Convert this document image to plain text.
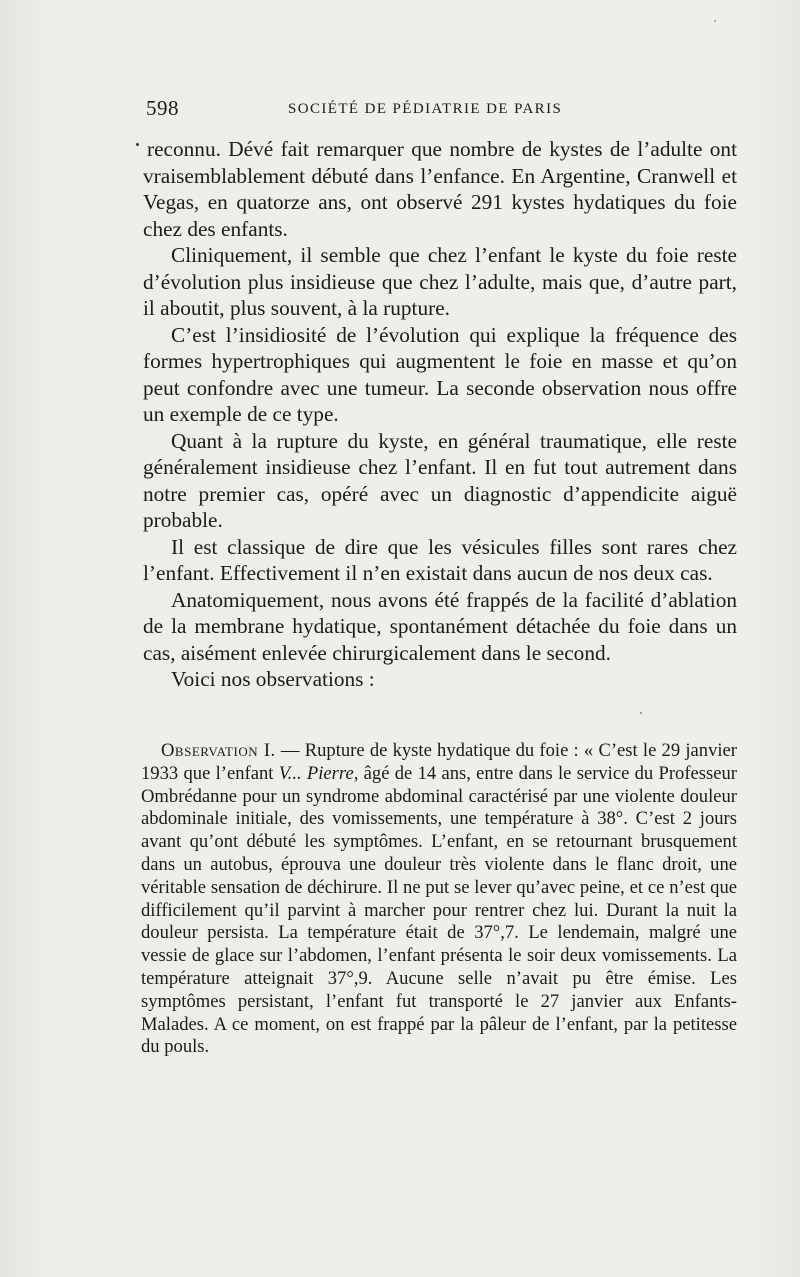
598	SOCIÉTÉ DE PÉDIATRIE DE PARIS

reconnu. Dévé fait remarquer que nombre de kystes de l’adulte ont vraisemblablement débuté dans l’enfance. En Argentine, Cranwell et Vegas, en quatorze ans, ont observé 291 kystes hydatiques du foie chez des enfants.

Cliniquement, il semble que chez l’enfant le kyste du foie reste d’évolution plus insidieuse que chez l’adulte, mais que, d’autre part, il aboutit, plus souvent, à la rupture.

C’est l’insidiosité de l’évolution qui explique la fréquence des formes hypertrophiques qui augmentent le foie en masse et qu’on peut confondre avec une tumeur. La seconde observation nous offre un exemple de ce type.

Quant à la rupture du kyste, en général traumatique, elle reste généralement insidieuse chez l’enfant. Il en fut tout autrement dans notre premier cas, opéré avec un diagnostic d’appendicite aiguë probable.

Il est classique de dire que les vésicules filles sont rares chez l’enfant. Effectivement il n’en existait dans aucun de nos deux cas.

Anatomiquement, nous avons été frappés de la facilité d’ablation de la membrane hydatique, spontanément détachée du foie dans un cas, aisément enlevée chirurgicalement dans le second.

Voici nos observations :

Observation I. — Rupture de kyste hydatique du foie : « C’est le 29 janvier 1933 que l’enfant V... Pierre, âgé de 14 ans, entre dans le service du Professeur Ombrédanne pour un syndrome abdominal caractérisé par une violente douleur abdominale initiale, des vomissements, une température à 38°. C’est 2 jours avant qu’ont débuté les symptômes. L’enfant, en se retournant brusquement dans un autobus, éprouva une douleur très violente dans le flanc droit, une véritable sensation de déchirure. Il ne put se lever qu’avec peine, et ce n’est que difficilement qu’il parvint à marcher pour rentrer chez lui. Durant la nuit la douleur persista. La température était de 37°,7. Le lendemain, malgré une vessie de glace sur l’abdomen, l’enfant présenta le soir deux vomissements. La température atteignait 37°,9. Aucune selle n’avait pu être émise. Les symptômes persistant, l’enfant fut transporté le 27 janvier aux Enfants-Malades. A ce moment, on est frappé par la pâleur de l’enfant, par la petitesse du pouls.
